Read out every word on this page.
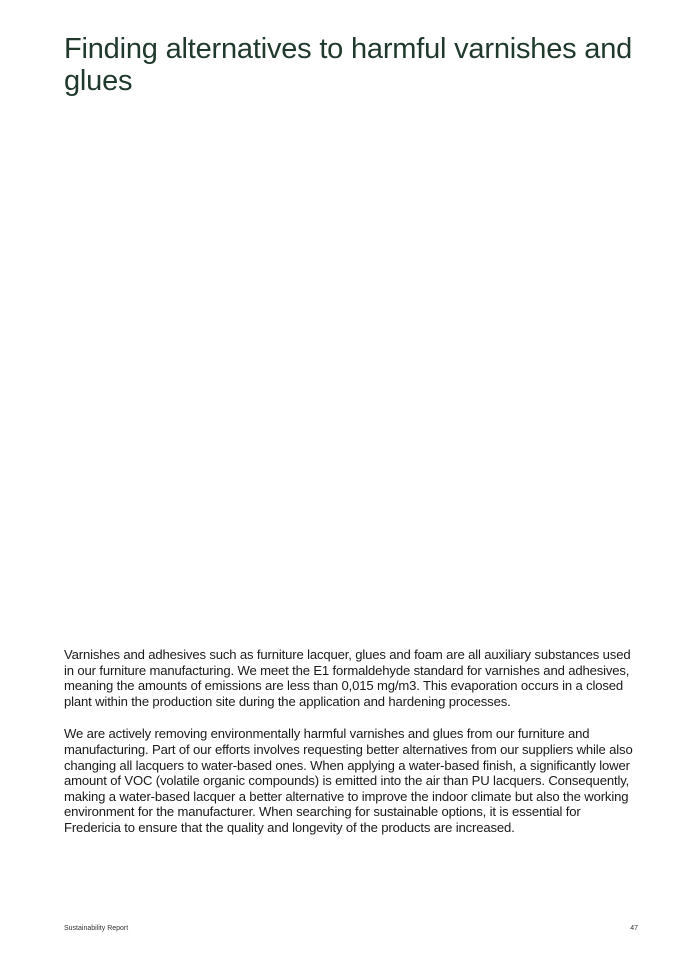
Finding alternatives to harmful varnishes and glues

Varnishes and adhesives such as furniture lacquer, glues and foam are all auxiliary substances used in our furniture manufacturing. We meet the E1 formaldehyde standard for varnishes and adhesives, meaning the amounts of emissions are less than 0,015 mg/m3. This evaporation occurs in a closed plant within the production site during the application and hardening processes.

We are actively removing environmentally harmful varnishes and glues from our furniture and manufacturing. Part of our efforts involves requesting better alternatives from our suppliers while also changing all lacquers to water-based ones. When applying a water-based finish, a significantly lower amount of VOC (volatile organic compounds) is emitted into the air than PU lacquers. Consequently, making a water-based lacquer a better alternative to improve the indoor climate but also the working environment for the manufacturer. When searching for sustainable options, it is essential for Fredericia to ensure that the quality and longevity of the products are increased.

Sustainability Report	47
